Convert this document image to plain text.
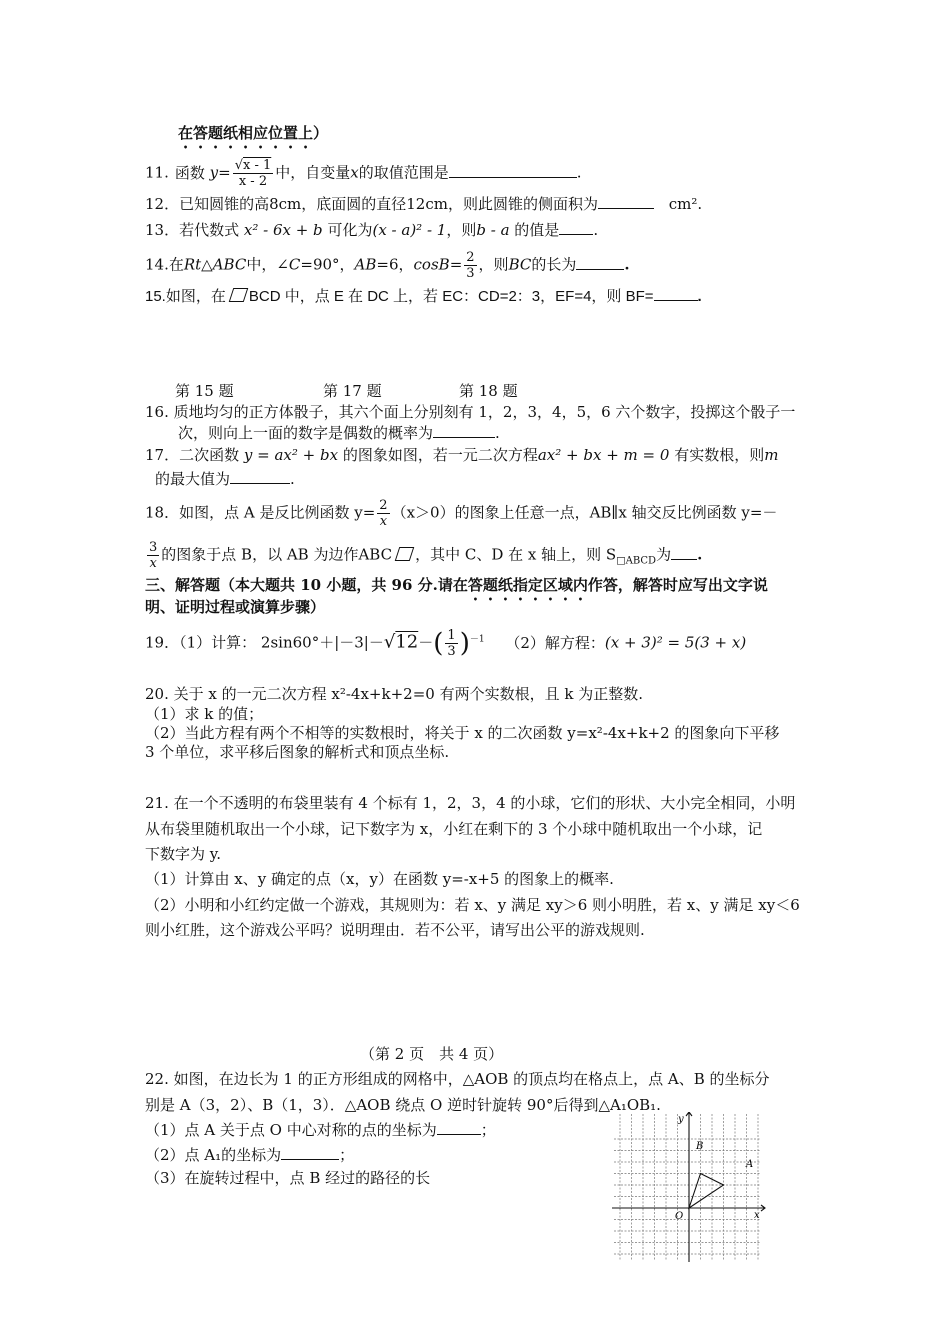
在答题纸相应位置上）
11. 函数 $y= \frac{√x - 1}{x - 2}$ 中，自变量x的取值范围是	.
12．已知圆锥的高8cm，底面圆的直径12cm，则此圆锥的侧面积为	cm².
13．若代数式 x² - 6x + b 可化为(x - a)² - 1，则b - a 的值是 .
14.在Rt△ABC中，∠C=90°，AB=6，$\cos B= \frac{2}{3}$ ，则BC的长为	.
15.如图，在 BCD 中，点 E 在 DC 上，若 EC：CD=2：3，EF=4，则 BF=	.
第 15 题	第 17 题	第 18 题
16. 质地均匀的正方体骰子，其六个面上分别刻有 1，2，3，4，5，6 六个数字，投掷这个骰子一
次，则向上一面的数字是偶数的概率为	.
17．二次函数 y = ax² + bx 的图象如图，若一元二次方程ax² + bx + m = 0 有实数根，则m
的最大值为	.
18．如图，点 A 是反比例函数 $y= \frac{2}{x} (x>0)$的图象上任意一点，AB∥x 轴交反比例函数 y=－
$\frac{3}{x}$ 的图象于点 B，以 AB 为边作ABC ，其中 C、D 在 x 轴上，则 $S_{□ABCD}$为 .
三、解答题（本大题共 10 小题，共 96 分.请在答题纸指定区域内作答，解答时应写出文字说
明、证明过程或演算步骤）
19．（1）计算： $2\sin 60^\circ+|-3|-√12-( \frac{1}{3} )^{-1}$ （2）解方程：(x + 3)² = 5(3 + x)
20. 关于 x 的一元二次方程 x²-4x+k+2=0 有两个实数根，且 k 为正整数.
（1）求 k 的值；
（2）当此方程有两个不相等的实数根时，将关于 x 的二次函数 y=x²-4x+k+2 的图象向下平移
3 个单位，求平移后图象的解析式和顶点坐标.
21. 在一个不透明的布袋里装有 4 个标有 1，2，3，4 的小球，它们的形状、大小完全相同，小明
从布袋里随机取出一个小球，记下数字为 x，小红在剩下的 3 个小球中随机取出一个小球，记
下数字为 y.
（1）计算由 x、y 确定的点（x，y）在函数 y=-x+5 的图象上的概率.
（2）小明和小红约定做一个游戏，其规则为：若 x、y 满足 xy＞6 则小明胜，若 x、y 满足 xy＜6
则小红胜，这个游戏公平吗？说明理由．若不公平，请写出公平的游戏规则.
（第 2 页　共 4 页）
22. 如图，在边长为 1 的正方形组成的网格中，△AOB 的顶点均在格点上，点 A、B 的坐标分
别是 A（3，2）、B（1，3）．△AOB 绕点 O 逆时针旋转 90°后得到△A₁OB₁.
（1）点 A 关于点 O 中心对称的点的坐标为	；
（2）点 A₁的坐标为	；
（3）在旋转过程中，点 B 经过的路径的长
x
y
O
A
B
